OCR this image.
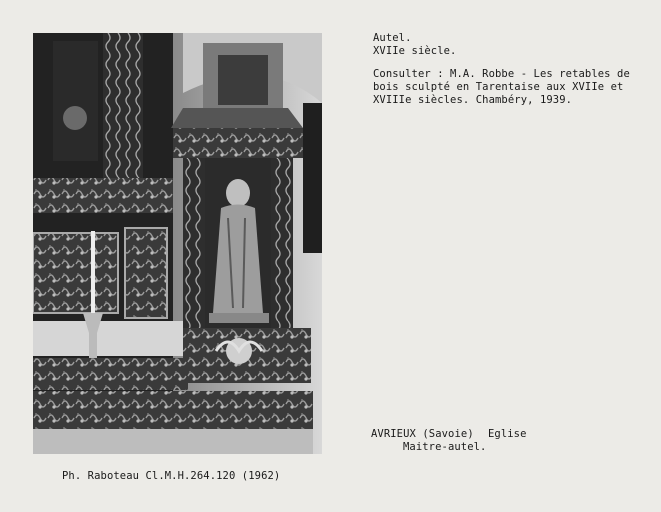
Autel.
XVIIe siècle.
Consulter : M.A. Robbe - Les retables de
bois sculpté en Tarentaise aux XVIIe et
XVIIIe siècles. Chambéry, 1939.
AVRIEUX (Savoie) Eglise
Maitre-autel.
Ph. Raboteau Cl.M.H.264.120 (1962)
